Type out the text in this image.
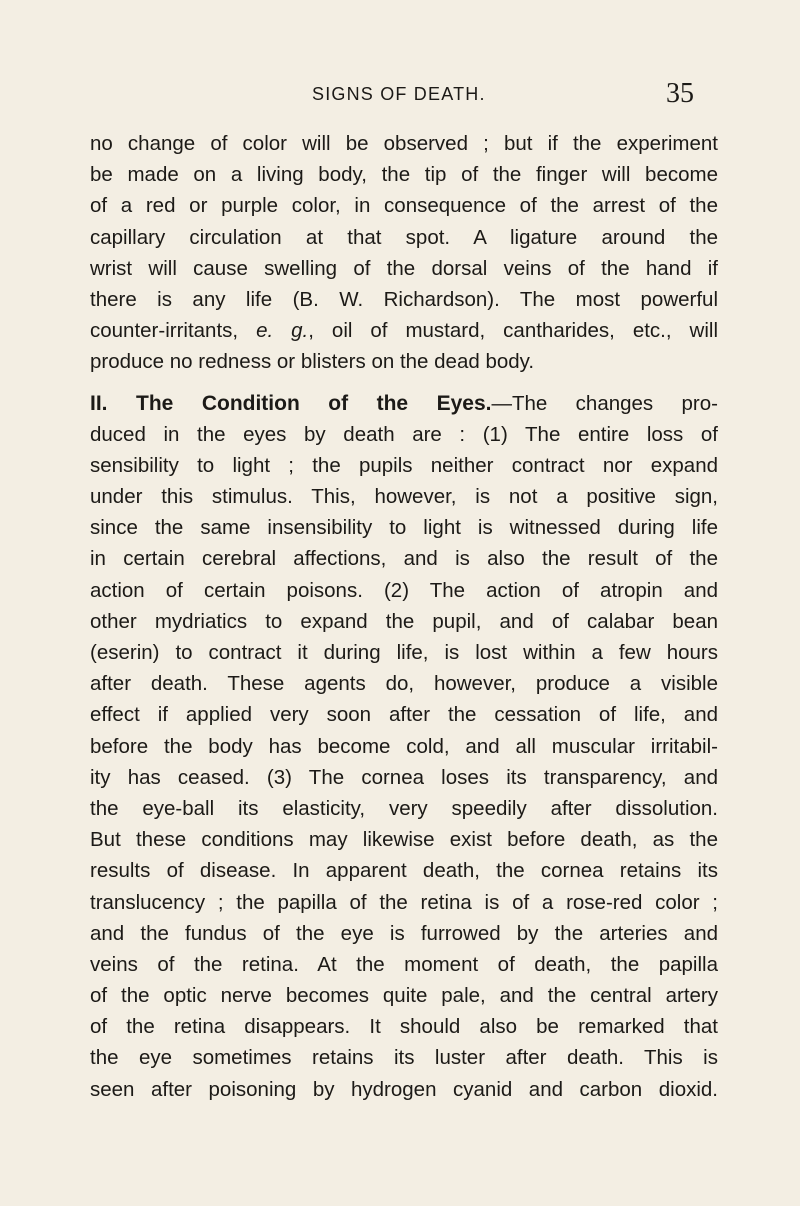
SIGNS OF DEATH.	35
no change of color will be observed ; but if the experiment
be made on a living body, the tip of the finger will become
of a red or purple color, in consequence of the arrest of the
capillary circulation at that spot. A ligature around the
wrist will cause swelling of the dorsal veins of the hand if
there is any life (B. W. Richardson). The most powerful
counter-irritants, e. g., oil of mustard, cantharides, etc., will
produce no redness or blisters on the dead body.
II. The Condition of the Eyes.—The changes pro-
duced in the eyes by death are : (1) The entire loss of
sensibility to light ; the pupils neither contract nor expand
under this stimulus. This, however, is not a positive sign,
since the same insensibility to light is witnessed during life
in certain cerebral affections, and is also the result of the
action of certain poisons. (2) The action of atropin and
other mydriatics to expand the pupil, and of calabar bean
(eserin) to contract it during life, is lost within a few hours
after death. These agents do, however, produce a visible
effect if applied very soon after the cessation of life, and
before the body has become cold, and all muscular irritabil-
ity has ceased. (3) The cornea loses its transparency, and
the eye-ball its elasticity, very speedily after dissolution.
But these conditions may likewise exist before death, as the
results of disease. In apparent death, the cornea retains its
translucency ; the papilla of the retina is of a rose-red color ;
and the fundus of the eye is furrowed by the arteries and
veins of the retina. At the moment of death, the papilla
of the optic nerve becomes quite pale, and the central artery
of the retina disappears. It should also be remarked that
the eye sometimes retains its luster after death. This is
seen after poisoning by hydrogen cyanid and carbon dioxid.
